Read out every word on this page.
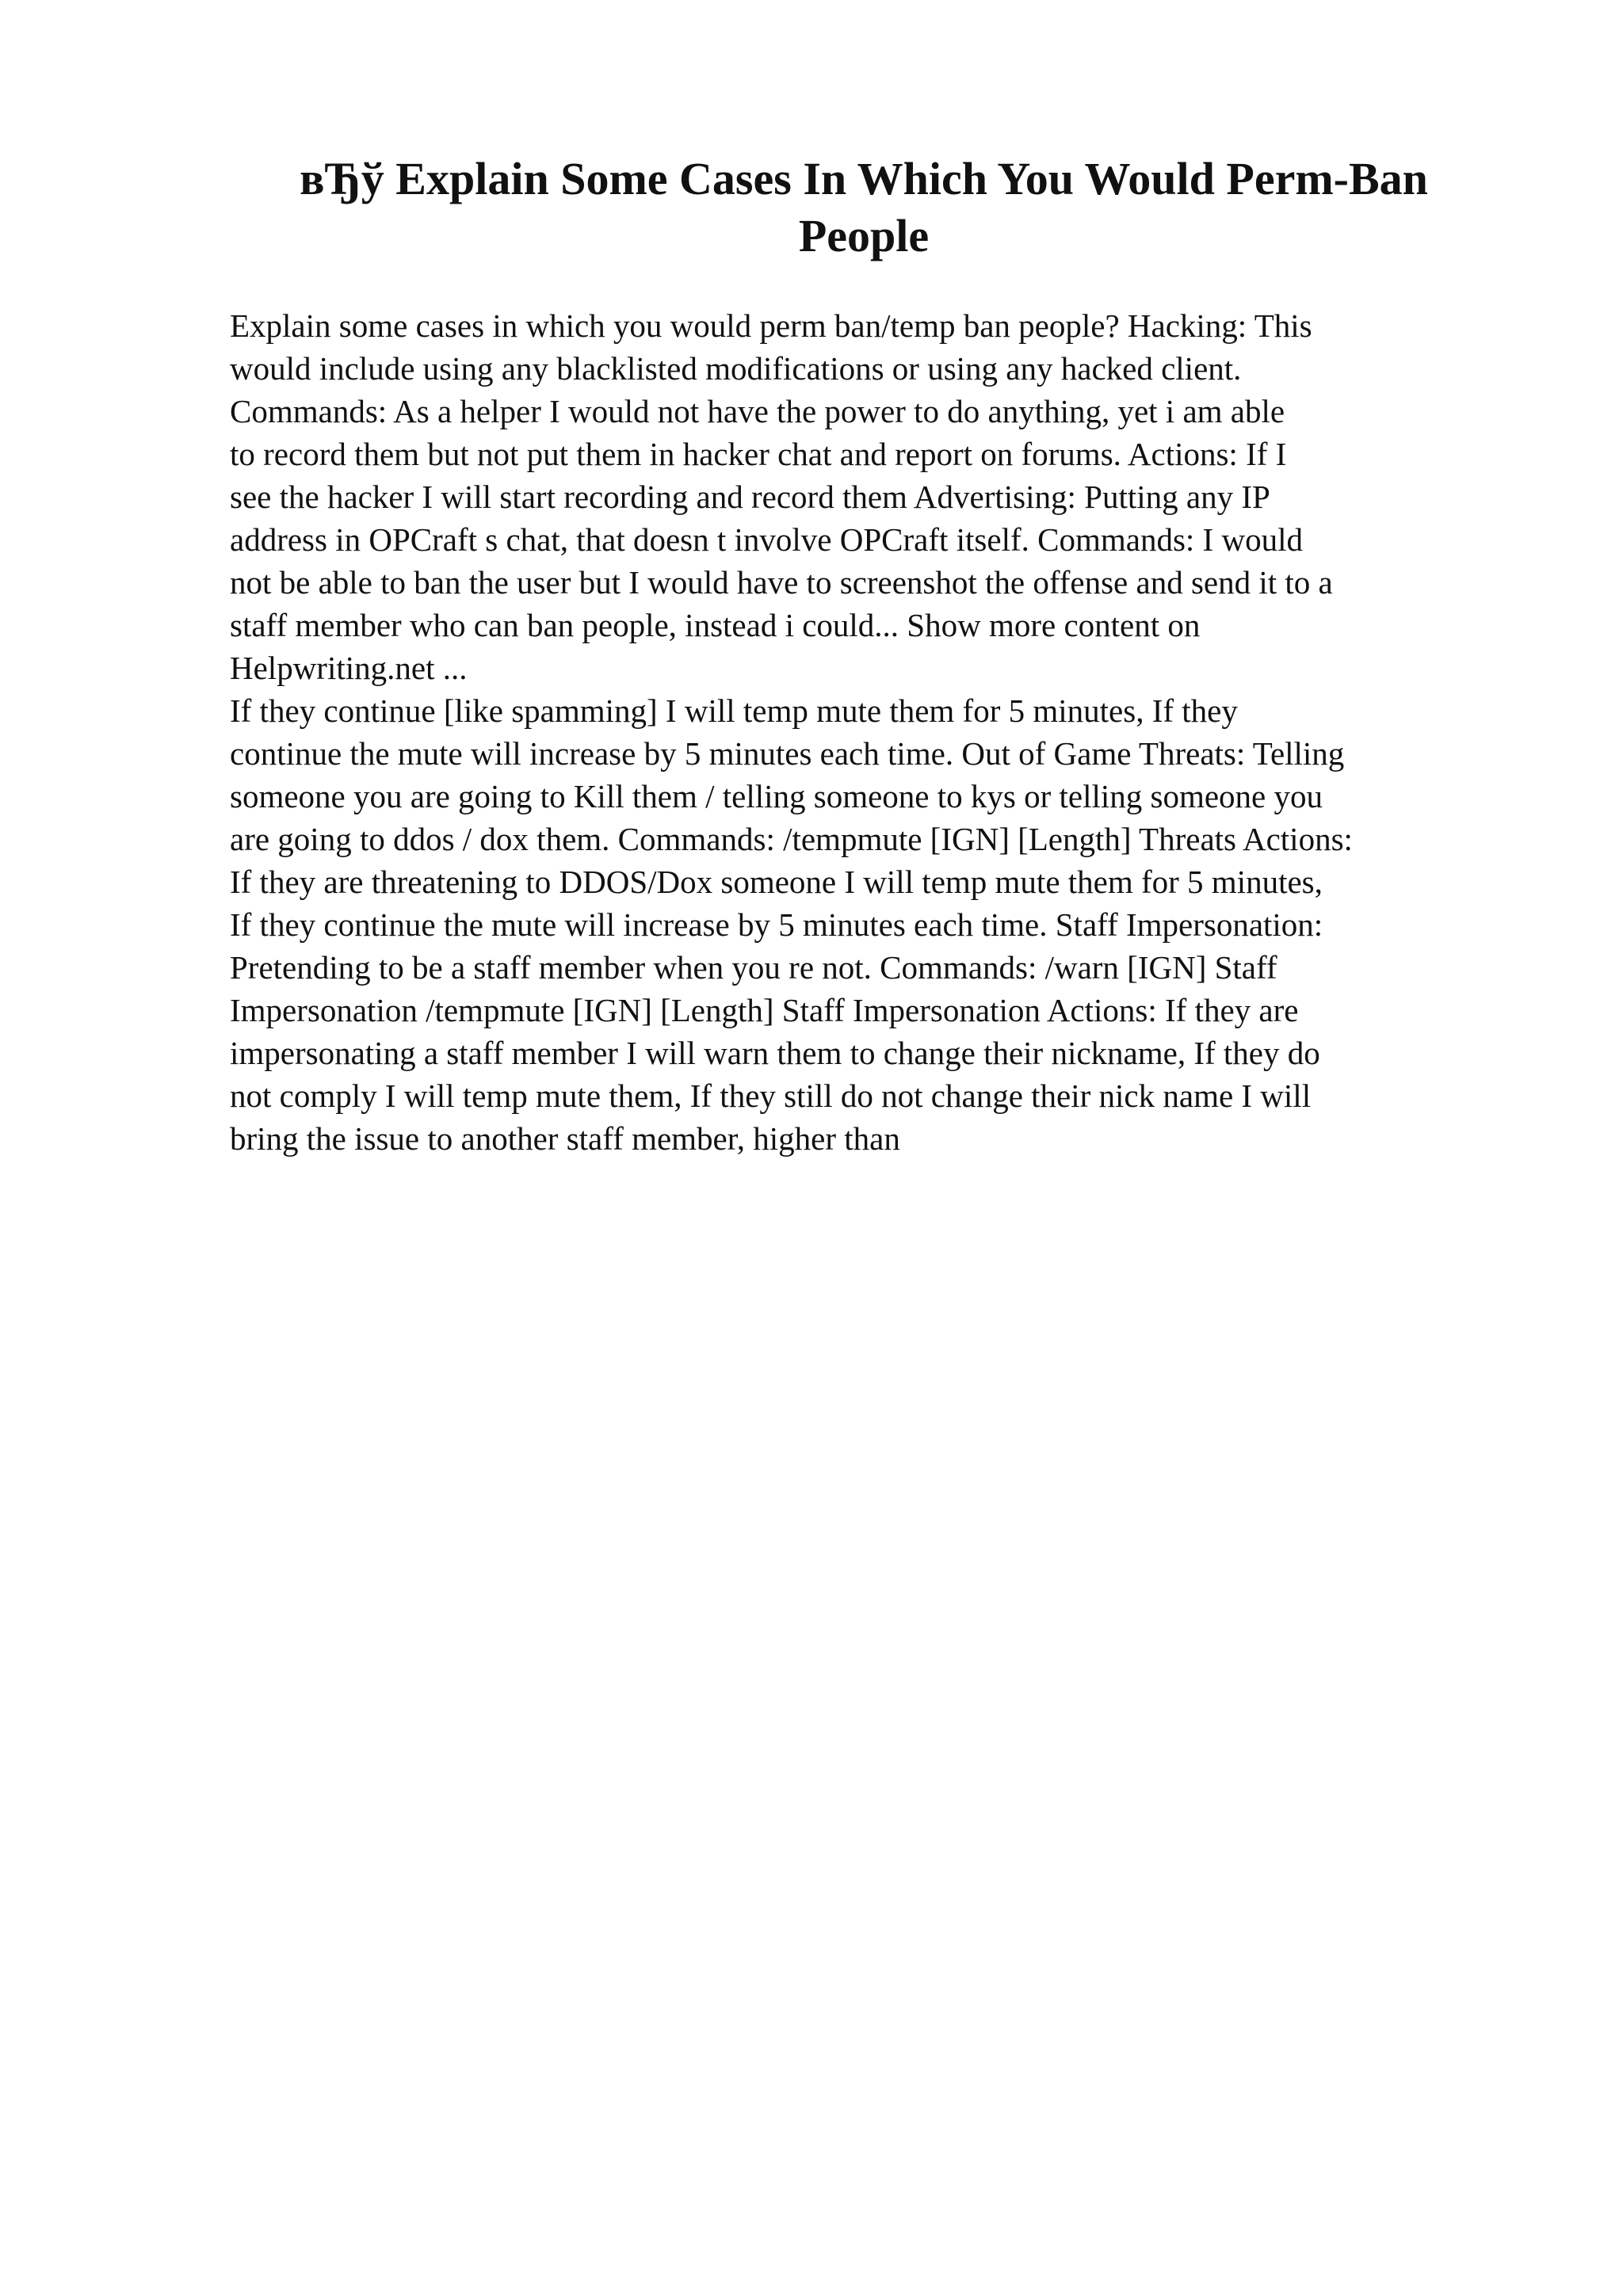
вЂў Explain Some Cases In Which You Would Perm-Ban
People
Explain some cases in which you would perm ban/temp ban people? Hacking: This
would include using any blacklisted modifications or using any hacked client.
Commands: As a helper I would not have the power to do anything, yet i am able
to record them but not put them in hacker chat and report on forums. Actions: If I
see the hacker I will start recording and record them Advertising: Putting any IP
address in OPCraft s chat, that doesn t involve OPCraft itself. Commands: I would
not be able to ban the user but I would have to screenshot the offense and send it to a
staff member who can ban people, instead i could... Show more content on
Helpwriting.net ...
If they continue [like spamming] I will temp mute them for 5 minutes, If they
continue the mute will increase by 5 minutes each time. Out of Game Threats: Telling
someone you are going to Kill them / telling someone to kys or telling someone you
are going to ddos / dox them. Commands: /tempmute [IGN] [Length] Threats Actions:
If they are threatening to DDOS/Dox someone I will temp mute them for 5 minutes,
If they continue the mute will increase by 5 minutes each time. Staff Impersonation:
Pretending to be a staff member when you re not. Commands: /warn [IGN] Staff
Impersonation /tempmute [IGN] [Length] Staff Impersonation Actions: If they are
impersonating a staff member I will warn them to change their nickname, If they do
not comply I will temp mute them, If they still do not change their nick name I will
bring the issue to another staff member, higher than
